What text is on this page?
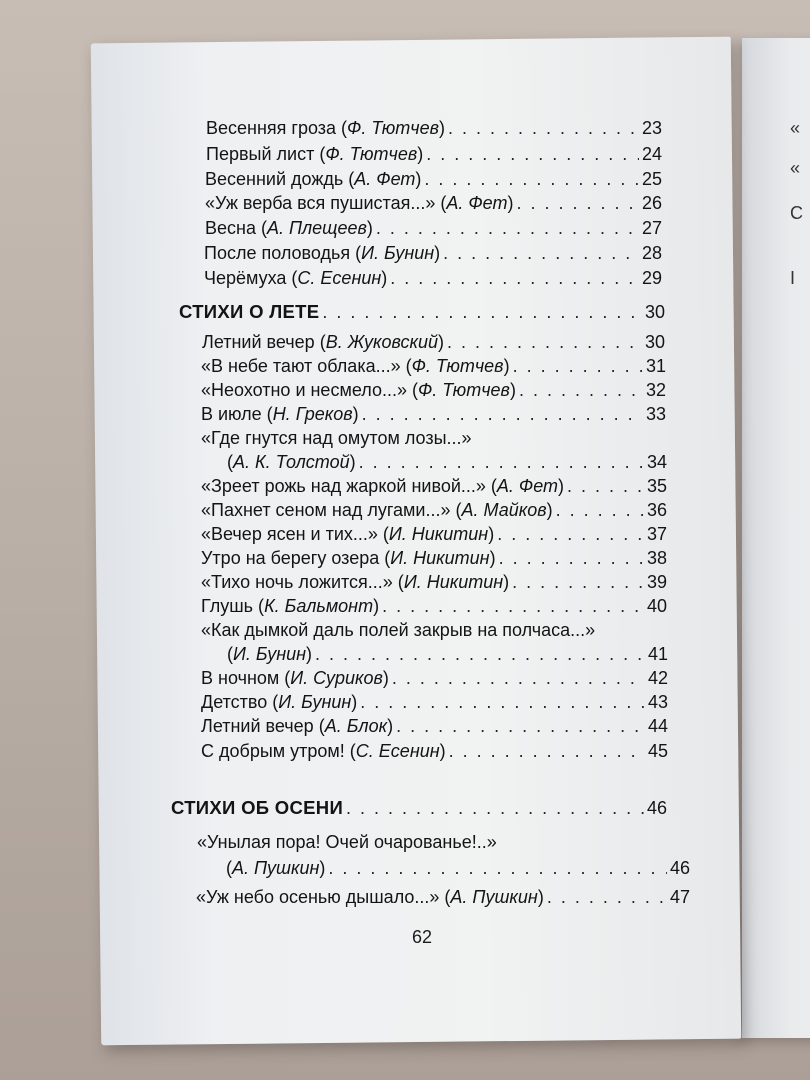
«
«
С
I
Весенняя гроза (Ф. Тютчев) . . .	23
Первый лист (Ф. Тютчев) . . .	24
Весенний дождь (А. Фет) . . .	25
«Уж верба вся пушистая...» (А. Фет) . . .	26
Весна (А. Плещеев) . . .	27
После половодья (И. Бунин) . . .	28
Черёмуха (С. Есенин) . . .	29
СТИХИ О ЛЕТЕ . . .	30
Летний вечер (В. Жуковский) . . .	30
«В небе тают облака...» (Ф. Тютчев) . . .	31
«Неохотно и несмело...» (Ф. Тютчев) . . .	32
В июле (Н. Греков) . . .	33
«Где гнутся над омутом лозы...»
(А. К. Толстой) . . .	34
«Зреет рожь над жаркой нивой...» (А. Фет) . . .	35
«Пахнет сеном над лугами...» (А. Майков) . . .	36
«Вечер ясен и тих...» (И. Никитин) . . .	37
Утро на берегу озера (И. Никитин) . . .	38
«Тихо ночь ложится...» (И. Никитин) . . .	39
Глушь (К. Бальмонт) . . .	40
«Как дымкой даль полей закрыв на полчаса...»
(И. Бунин) . . .	41
В ночном (И. Суриков) . . .	42
Детство (И. Бунин) . . .	43
Летний вечер (А. Блок) . . .	44
С добрым утром! (С. Есенин) . . .	45
СТИХИ ОБ ОСЕНИ . . .	46
«Унылая пора! Очей очарованье!..»
(А. Пушкин) . . .	46
«Уж небо осенью дышало...» (А. Пушкин) . . .	47
62
